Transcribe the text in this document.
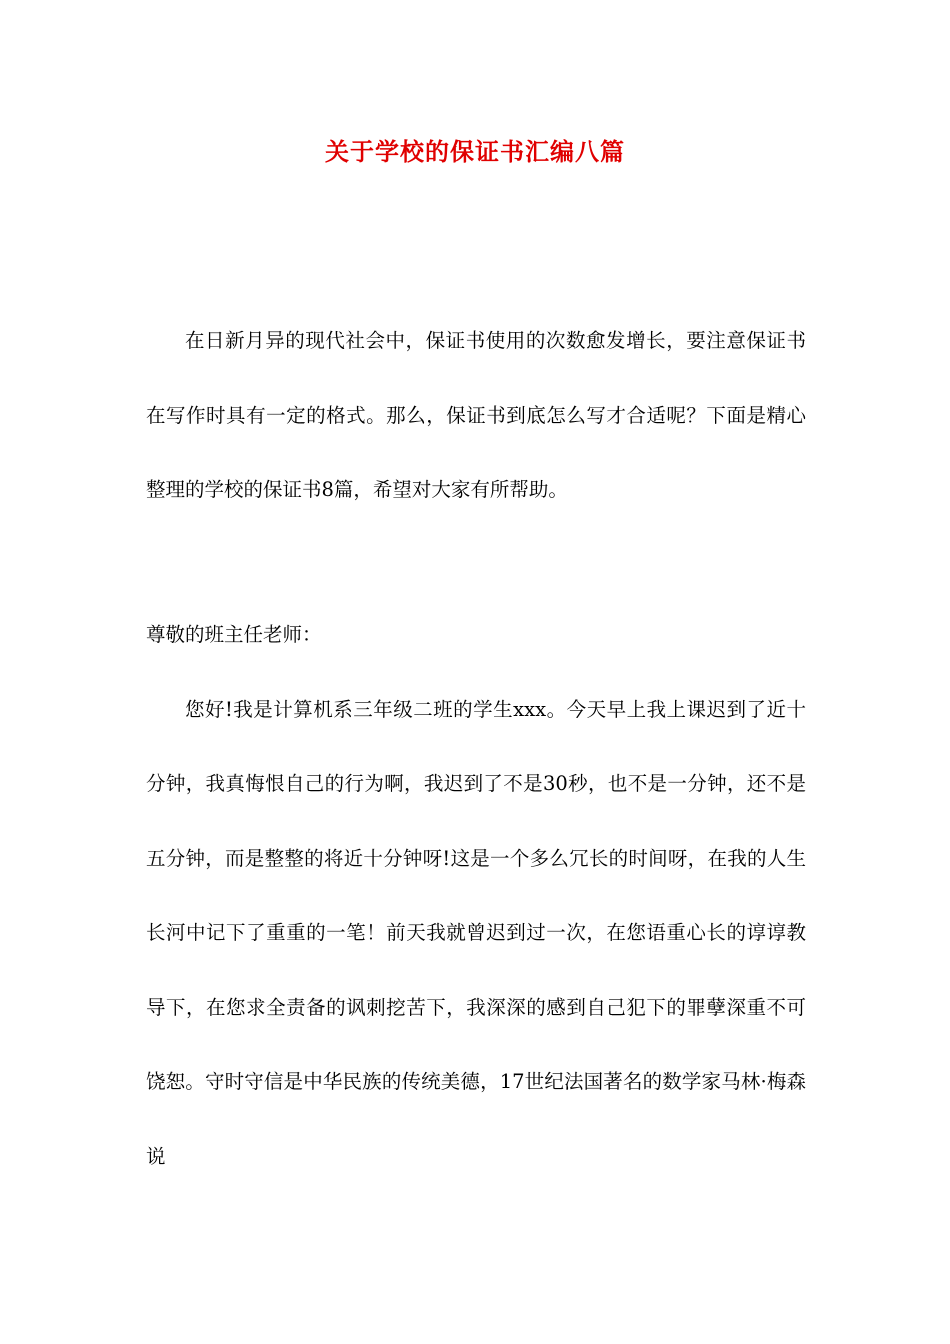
关于学校的保证书汇编八篇

在日新月异的现代社会中，保证书使用的次数愈发增长，要注意保证书在写作时具有一定的格式。那么，保证书到底怎么写才合适呢？下面是精心整理的学校的保证书8篇，希望对大家有所帮助。

尊敬的班主任老师：

您好!我是计算机系三年级二班的学生xxx。今天早上我上课迟到了近十分钟，我真悔恨自己的行为啊，我迟到了不是30秒，也不是一分钟，还不是五分钟，而是整整的将近十分钟呀!这是一个多么冗长的时间呀，在我的人生长河中记下了重重的一笔！前天我就曾迟到过一次，在您语重心长的谆谆教导下，在您求全责备的讽刺挖苦下，我深深的感到自己犯下的罪孽深重不可饶恕。守时守信是中华民族的传统美德，17世纪法国著名的数学家马林·梅森说
